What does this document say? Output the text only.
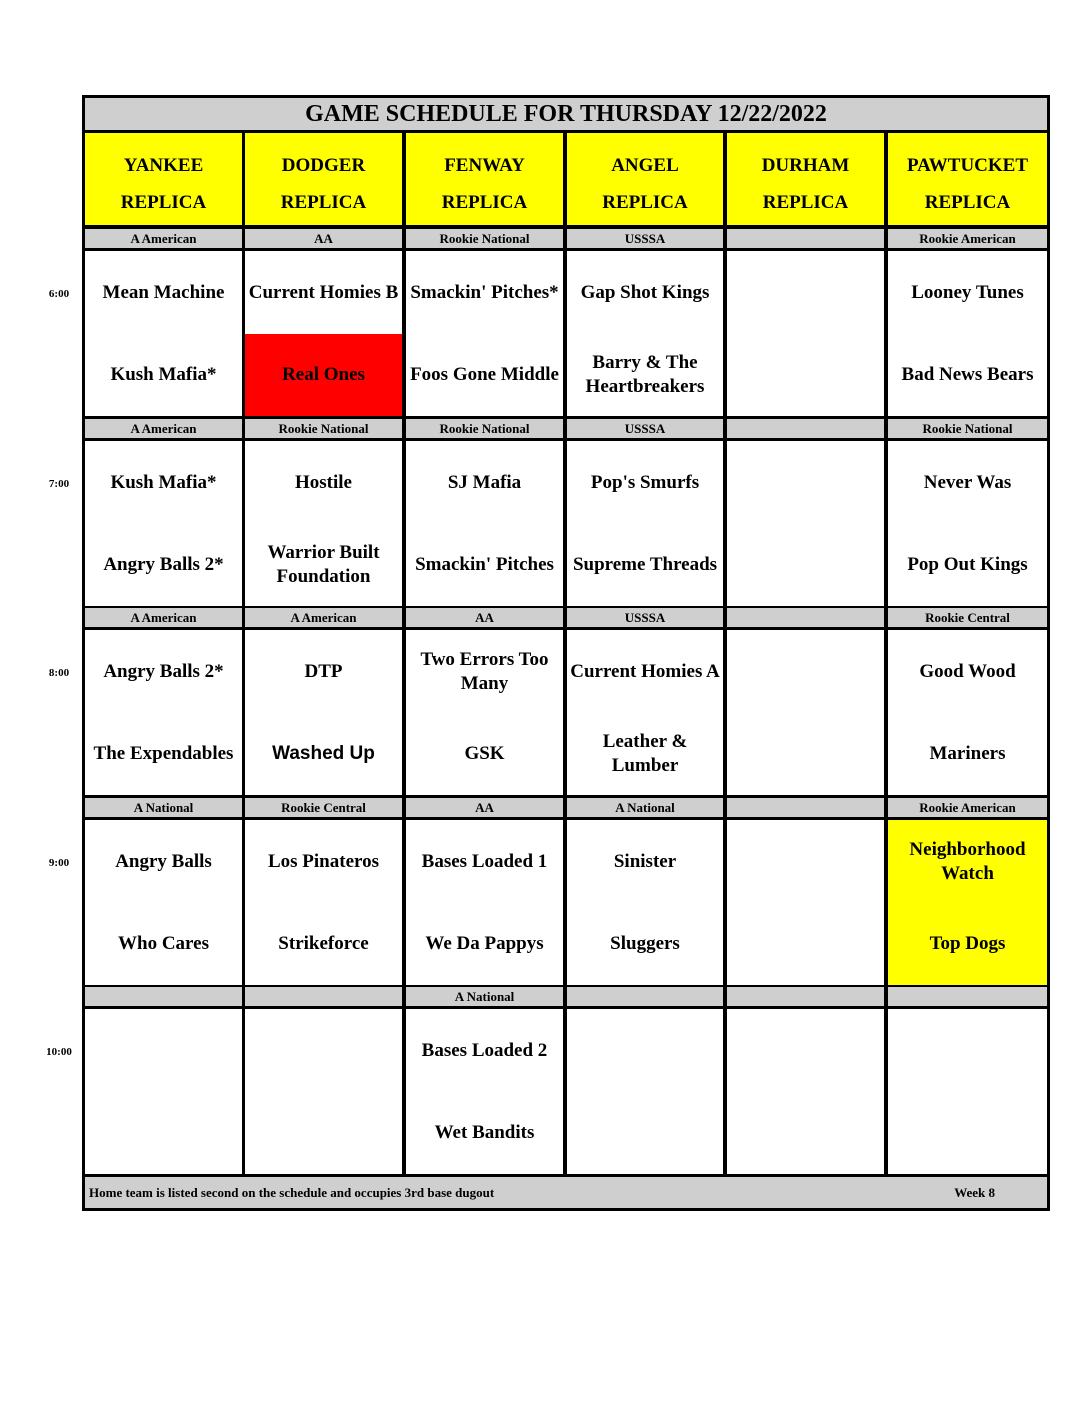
GAME SCHEDULE FOR THURSDAY 12/22/2022
YANKEE
REPLICA
DODGER
REPLICA
FENWAY
REPLICA
ANGEL
REPLICA
DURHAM
REPLICA
PAWTUCKET
REPLICA
A American
Mean Machine
Kush Mafia*
AA
Current Homies B
Real Ones
Rookie National
Smackin' Pitches*
Foos Gone Middle
USSSA
Gap Shot Kings
Barry & The Heartbreakers
Rookie American
Looney Tunes
Bad News Bears
A American
Kush Mafia*
Angry Balls 2*
Rookie National
Hostile
Warrior Built Foundation
Rookie National
SJ Mafia
Smackin' Pitches
USSSA
Pop's Smurfs
Supreme Threads
Rookie National
Never Was
Pop Out Kings
A American
Angry Balls 2*
The Expendables
A American
DTP
Washed Up
AA
Two Errors Too Many
GSK
USSSA
Current Homies A
Leather & Lumber
Rookie Central
Good Wood
Mariners
A National
Angry Balls
Who Cares
Rookie Central
Los Pinateros
Strikeforce
AA
Bases Loaded 1
We Da Pappys
A National
Sinister
Sluggers
Rookie American
Neighborhood Watch
Top Dogs
A National
Bases Loaded 2
Wet Bandits
Home team is listed second on the schedule and occupies 3rd base dugout	Week 8
6:00
7:00
8:00
9:00
10:00
